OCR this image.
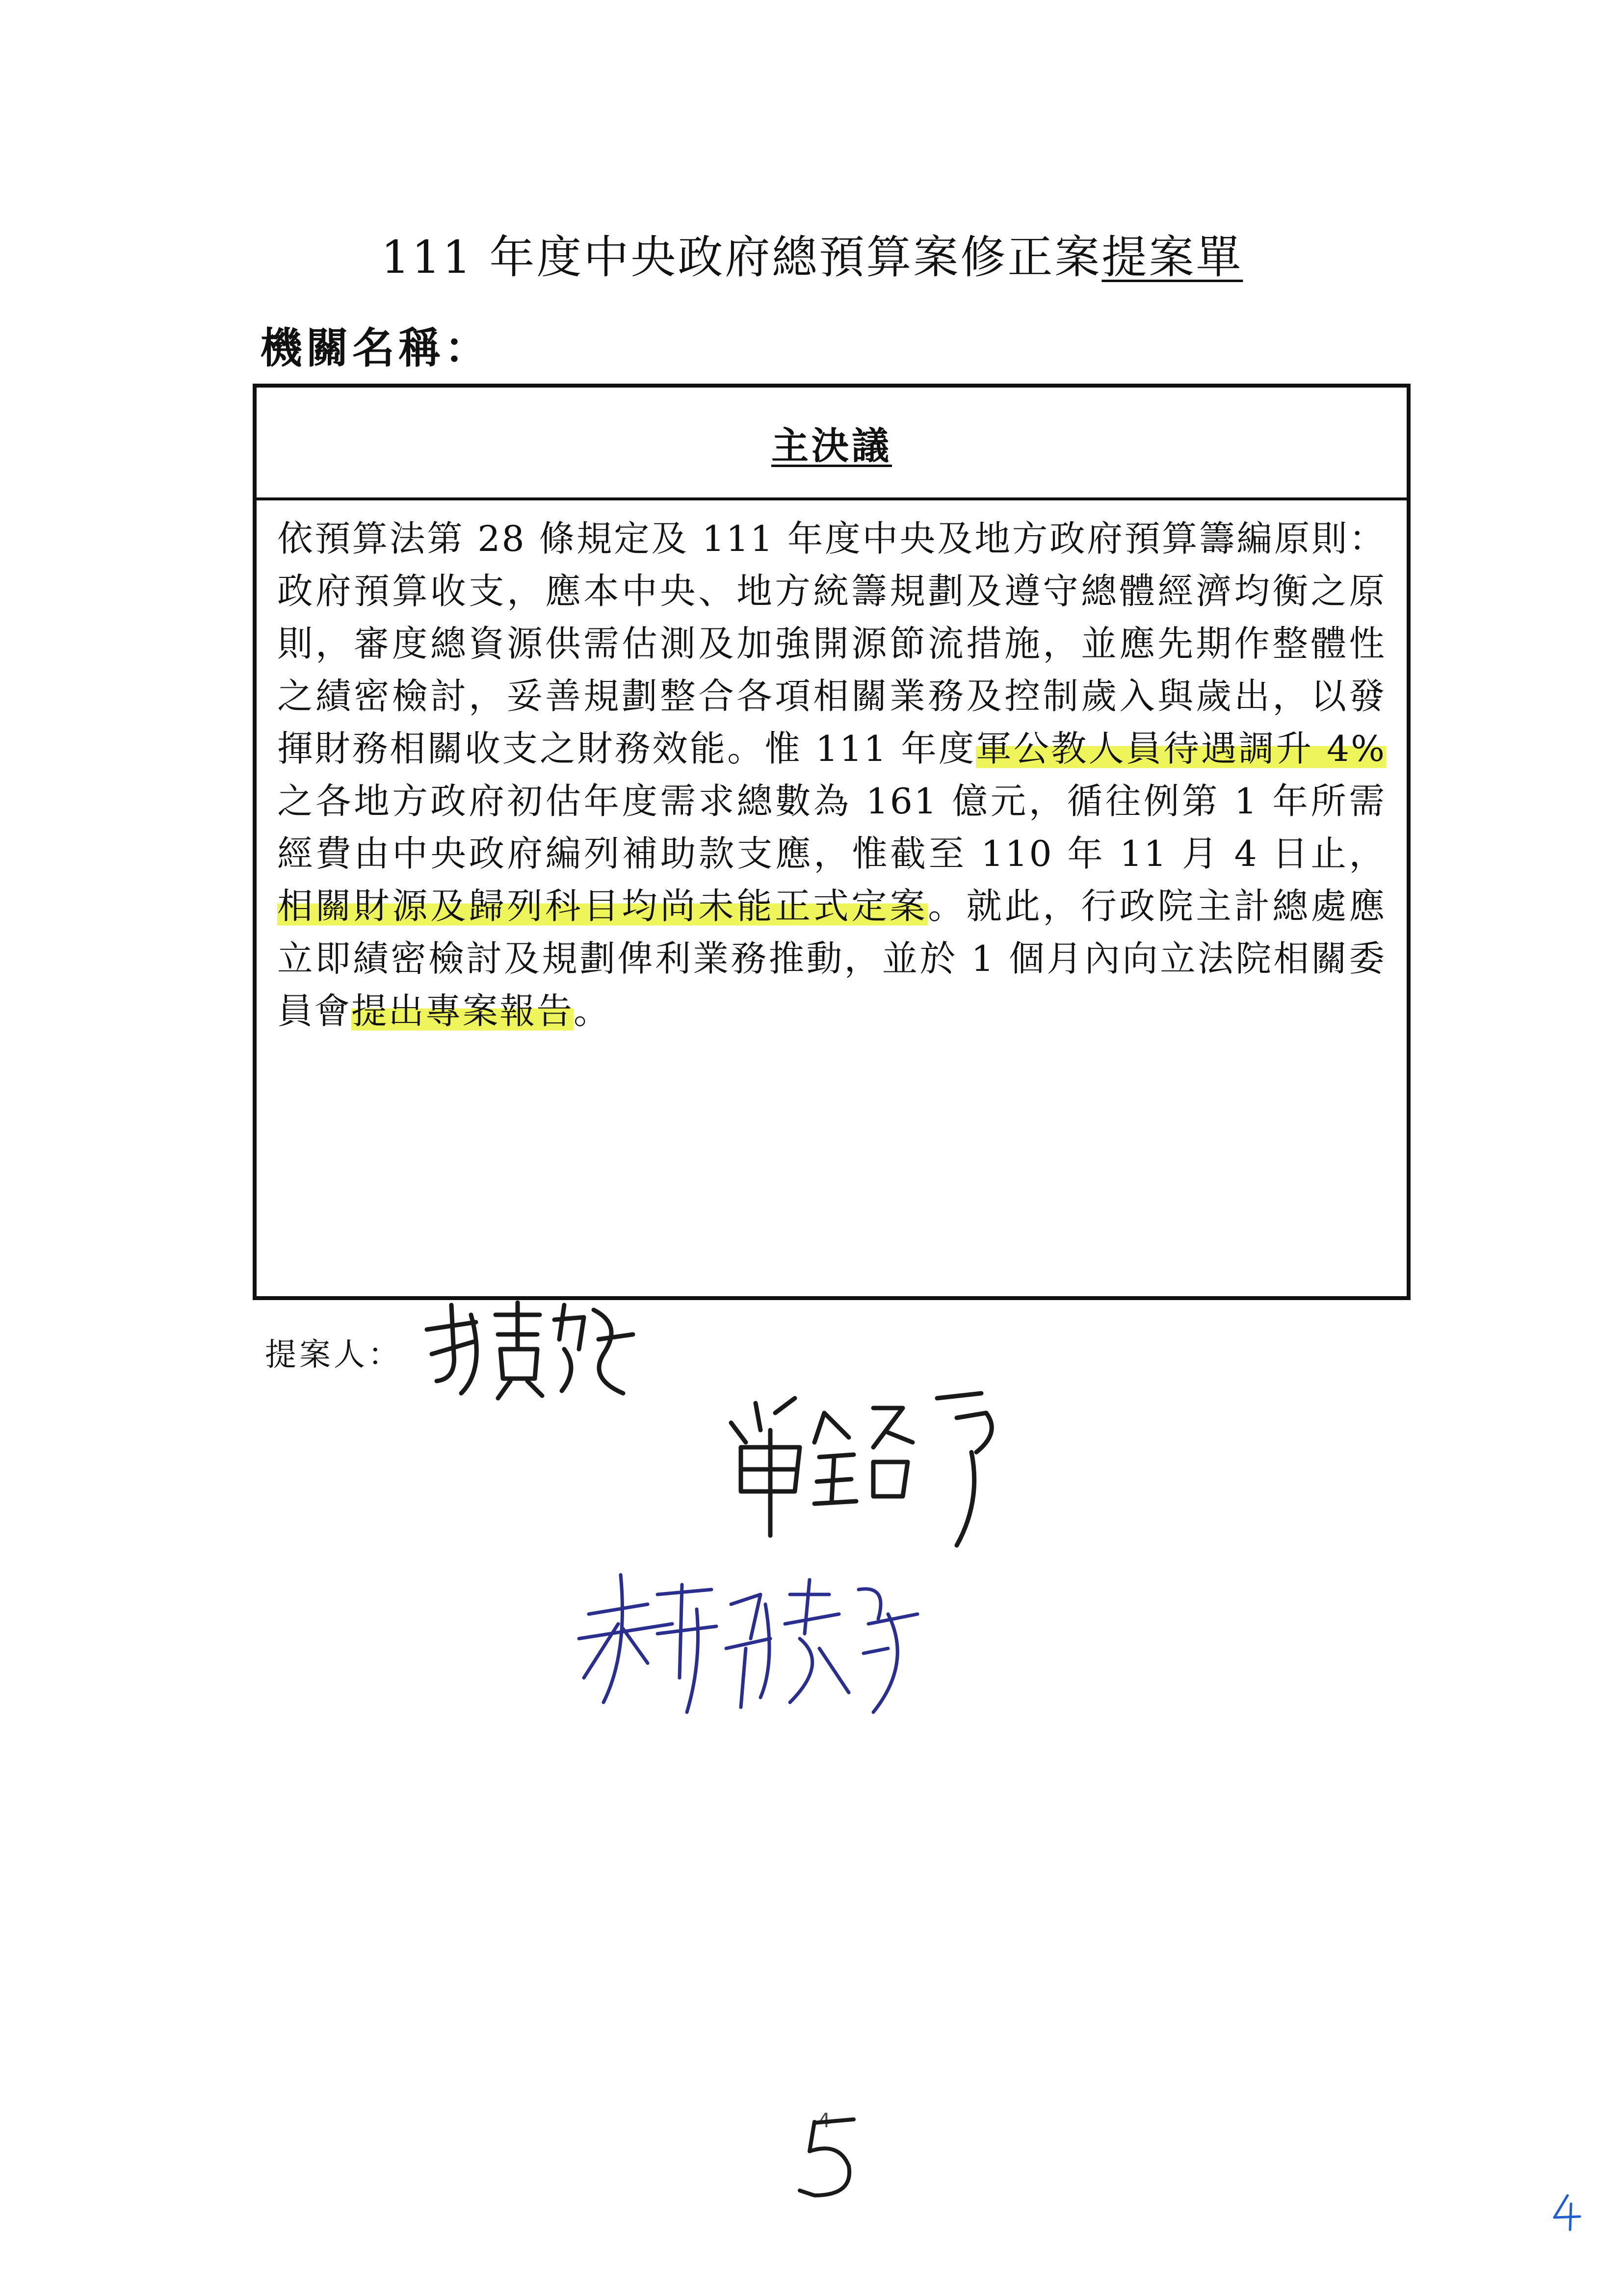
111 年度中央政府總預算案修正案提案單
機關名稱：
主決議

依預算法第 28 條規定及 111 年度中央及地方政府預算籌編原則：政府預算收支，應本中央、地方統籌規劃及遵守總體經濟均衡之原則，審度總資源供需估測及加強開源節流措施，並應先期作整體性之績密檢討，妥善規劃整合各項相關業務及控制歲入與歲出，以發揮財務相關收支之財務效能。惟 111 年度軍公教人員待遇調升 4%之各地方政府初估年度需求總數為 161 億元，循往例第 1 年所需經費由中央政府編列補助款支應，惟截至 110 年 11 月 4 日止，相關財源及歸列科目均尚未能正式定案。就此，行政院主計總處應立即績密檢討及規劃俾利業務推動，並於 1 個月內向立法院相關委員會提出專案報告。

提案人：
4
